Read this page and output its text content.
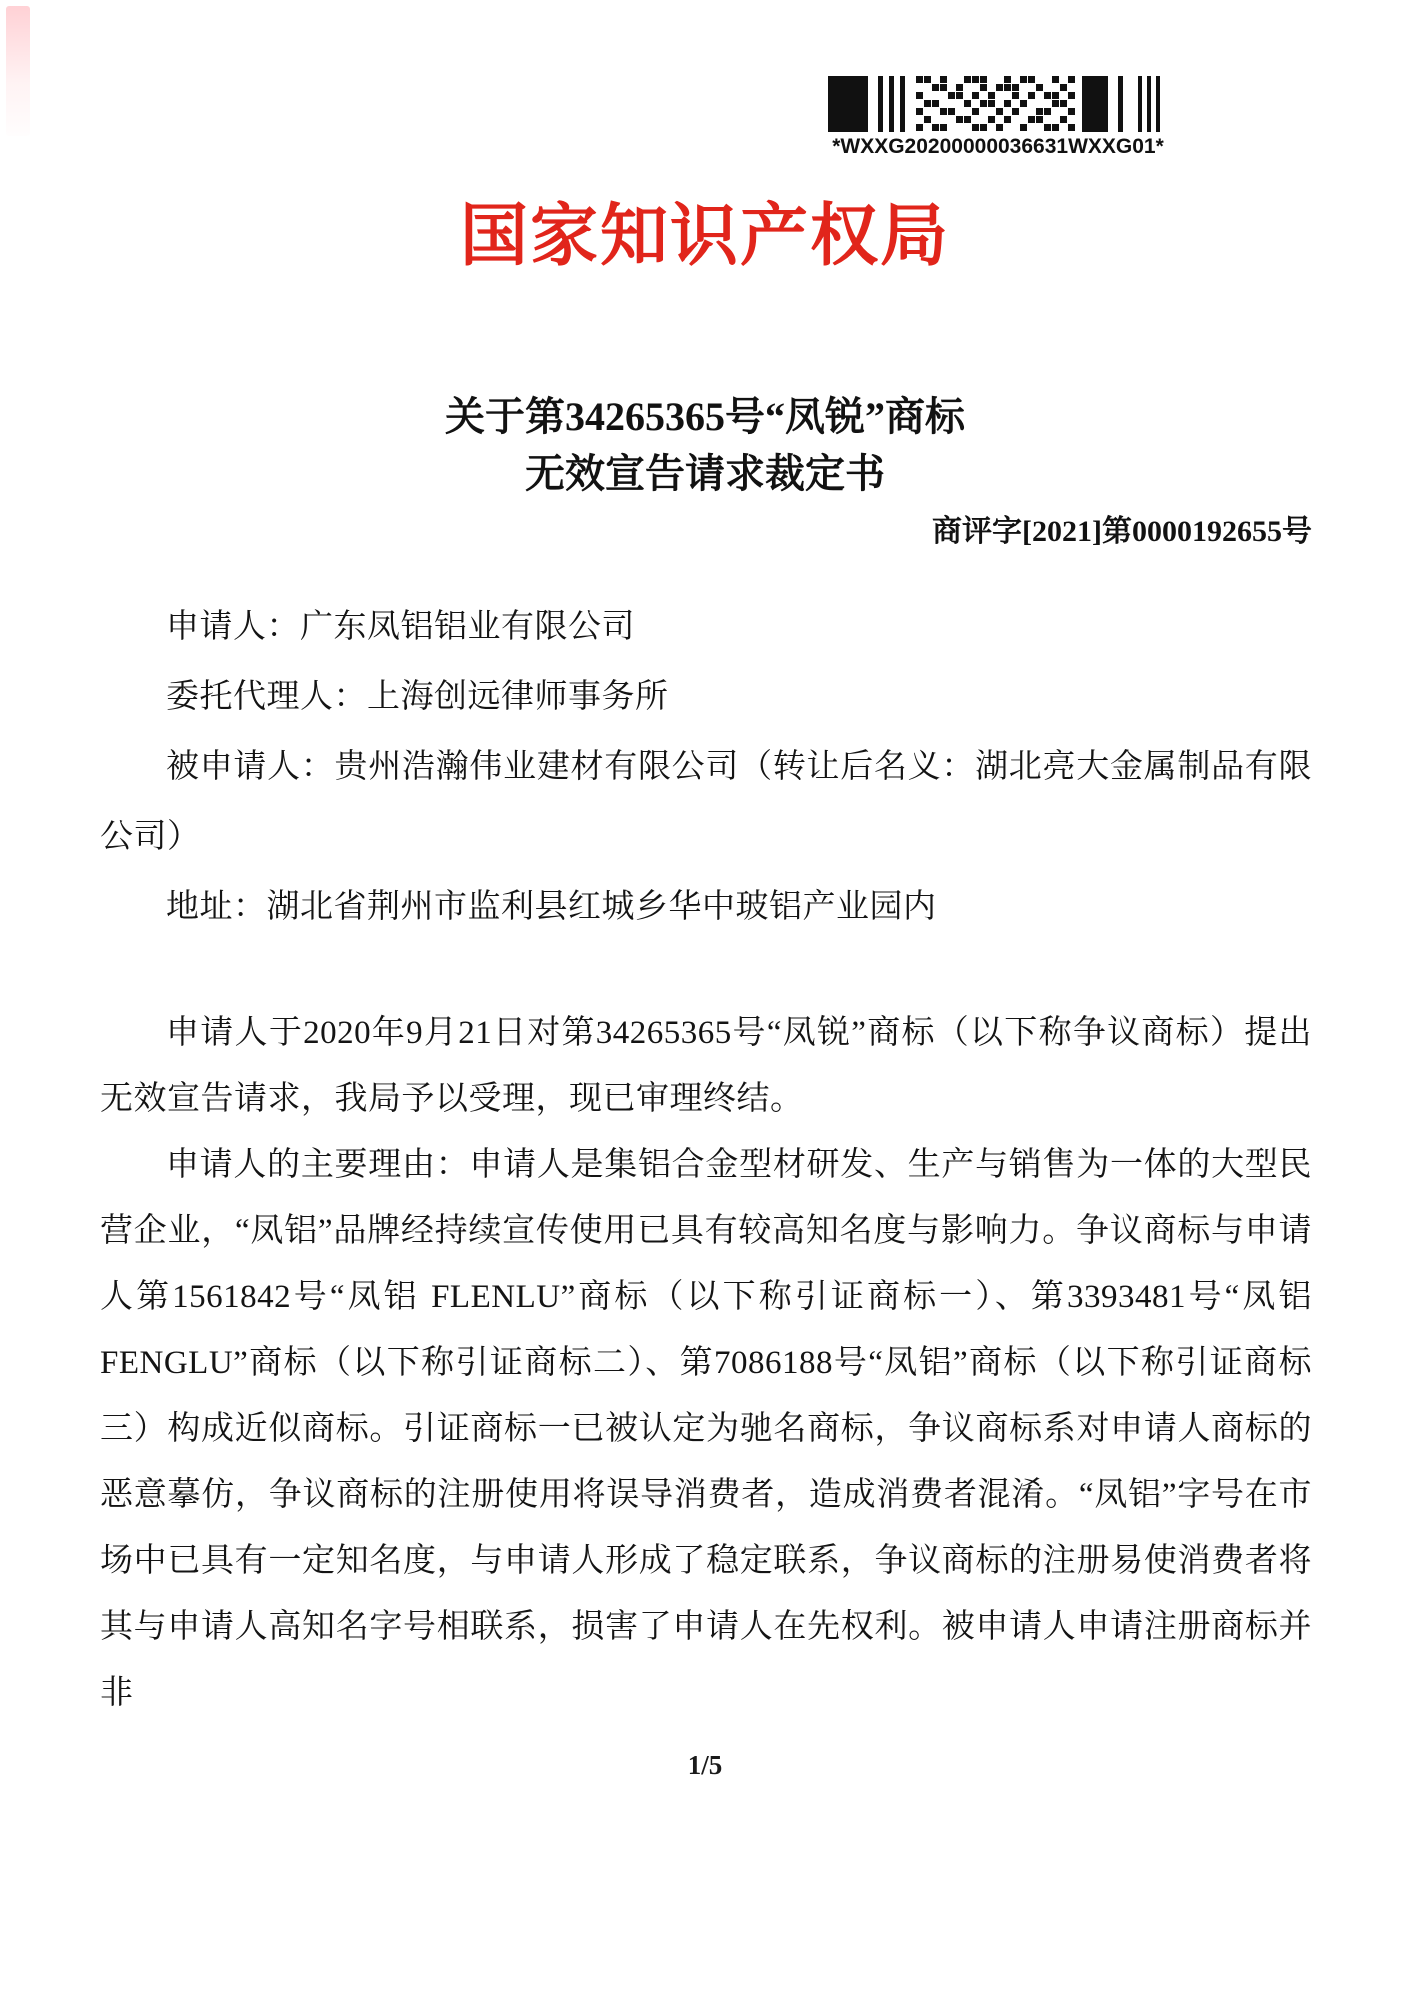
*WXXG20200000036631WXXG01*
国家知识产权局
关于第34265365号“凤锐”商标
无效宣告请求裁定书
商评字[2021]第0000192655号

申请人：广东凤铝铝业有限公司

委托代理人：上海创远律师事务所

被申请人：贵州浩瀚伟业建材有限公司（转让后名义：湖北亮大金属制品有限公司）

地址：湖北省荆州市监利县红城乡华中玻铝产业园内

申请人于2020年9月21日对第34265365号“凤锐”商标（以下称争议商标）提出无效宣告请求，我局予以受理，现已审理终结。

申请人的主要理由：申请人是集铝合金型材研发、生产与销售为一体的大型民营企业，“凤铝”品牌经持续宣传使用已具有较高知名度与影响力。争议商标与申请人第1561842号“凤铝 FLENLU”商标（以下称引证商标一）、第3393481号“凤铝 FENGLU”商标（以下称引证商标二）、第7086188号“凤铝”商标（以下称引证商标三）构成近似商标。引证商标一已被认定为驰名商标，争议商标系对申请人商标的恶意摹仿，争议商标的注册使用将误导消费者，造成消费者混淆。“凤铝”字号在市场中已具有一定知名度，与申请人形成了稳定联系，争议商标的注册易使消费者将其与申请人高知名字号相联系，损害了申请人在先权利。被申请人申请注册商标并非

1/5
